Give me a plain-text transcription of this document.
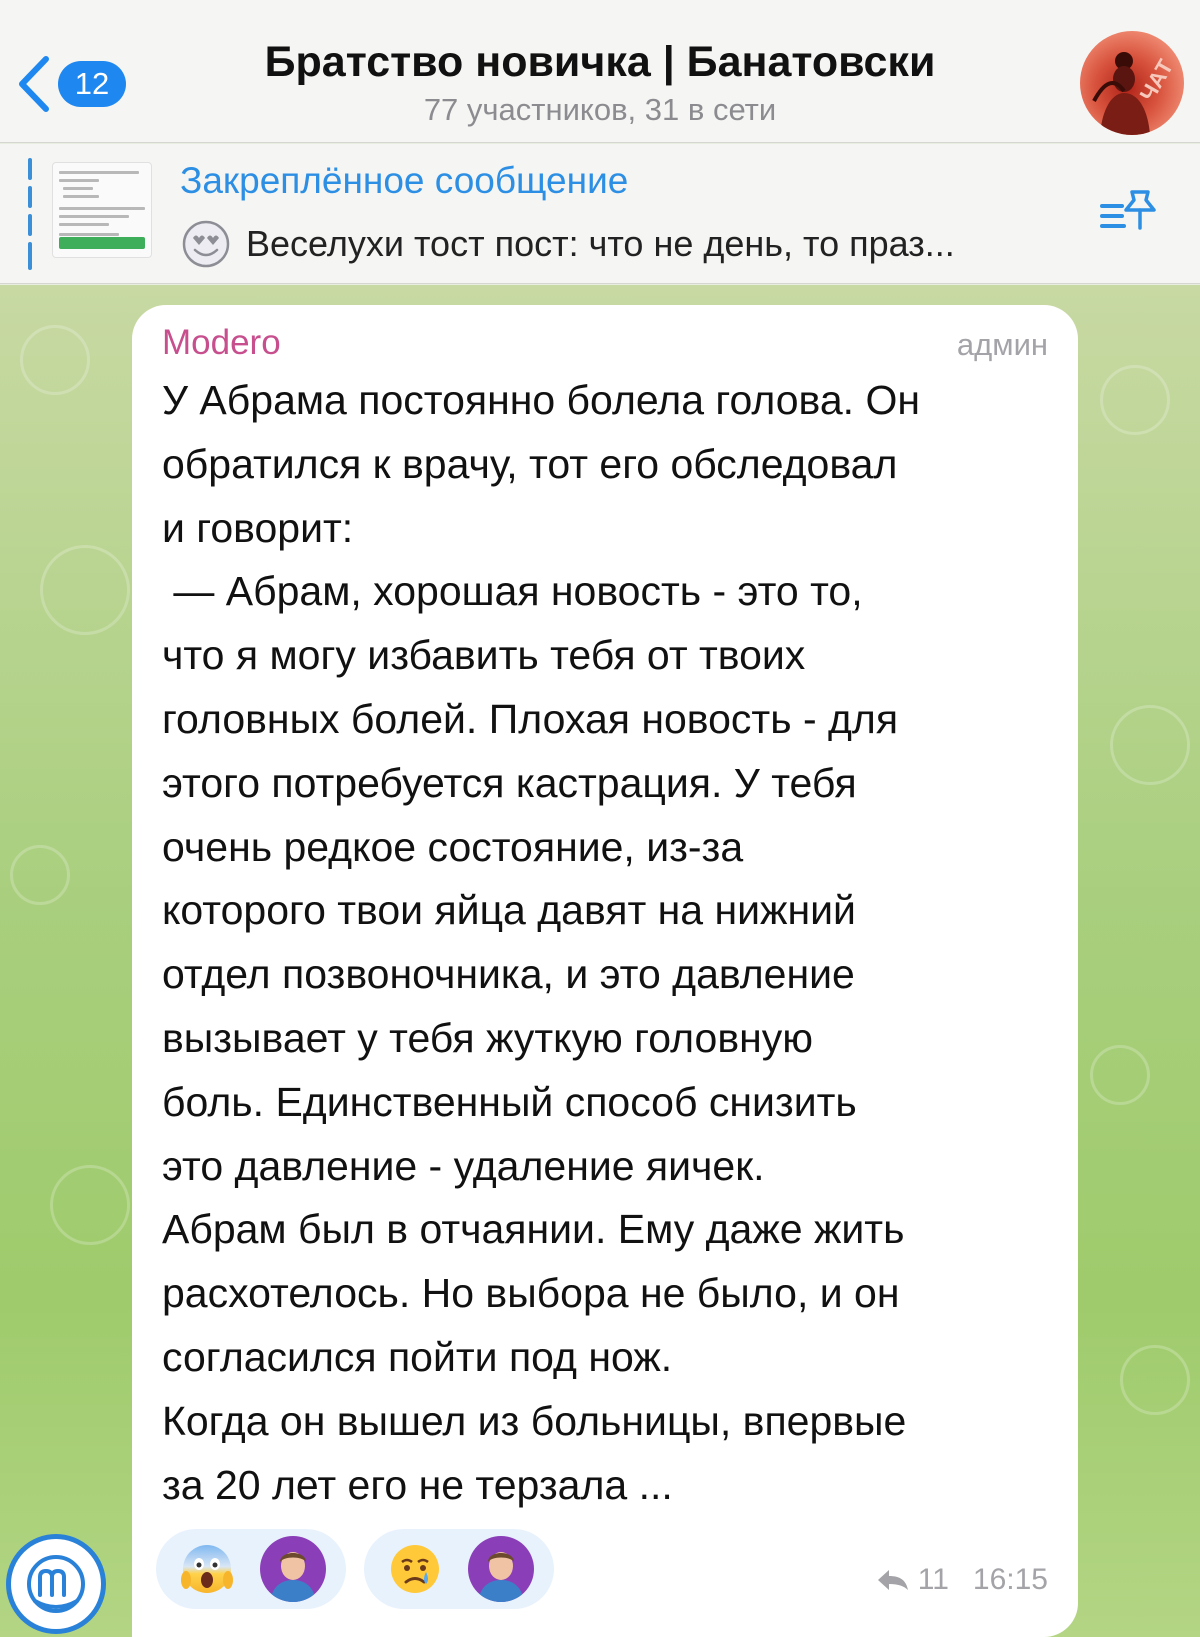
12	Братство новичка | Банатовски
77 участников, 31 в сети
ЧАТ
Закреплённое сообщение
Веселухи тост пост: что не день, то праз...
Modero	админ
У Абрама постоянно болела голова. Он
обратился к врачу, тот его обследовал
и говорит:
— Абрам, хорошая новость - это то,
что я могу избавить тебя от твоих
головных болей. Плохая новость - для
этого потребуется кастрация. У тебя
очень редкое состояние, из-за
которого твои яйца давят на нижний
отдел позвоночника, и это давление
вызывает у тебя жуткую головную
боль. Единственный способ снизить
это давление - удаление яичек.
Абрам был в отчаянии. Ему даже жить
расхотелось. Но выбора не было, и он
согласился пойти под нож.
Когда он вышел из больницы, впервые
за 20 лет его не терзала ...
11 16:15
